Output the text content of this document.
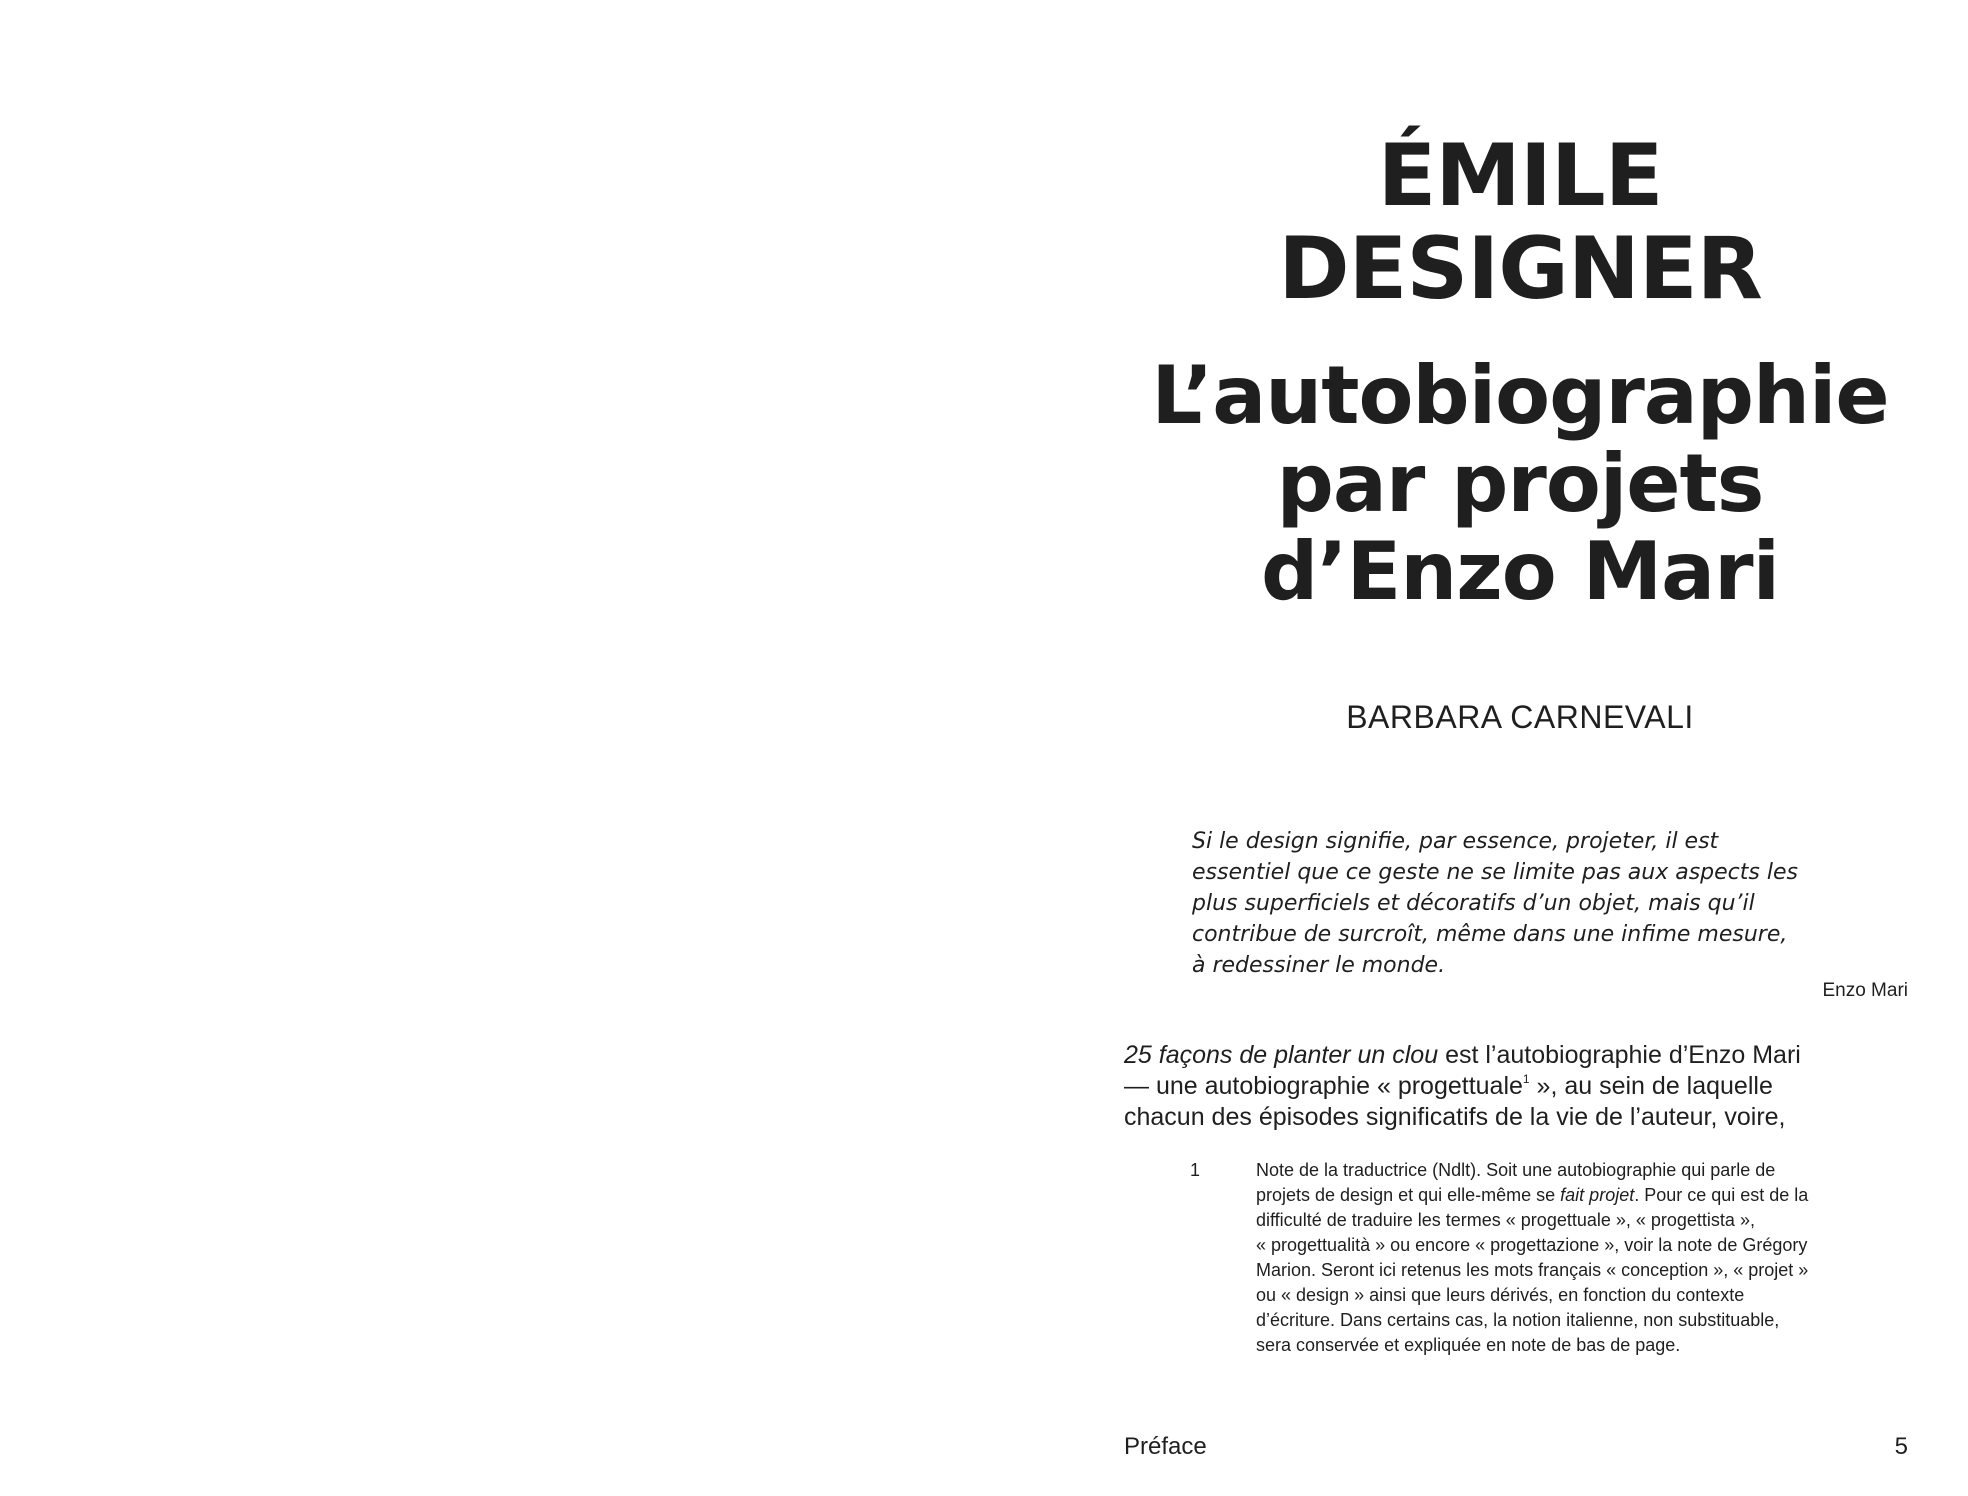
ÉMILE
DESIGNER
L’autobiographie
par projets
d’Enzo Mari
BARBARA CARNEVALI
Si le design signifie, par essence, projeter, il est
essentiel que ce geste ne se limite pas aux aspects les
plus superficiels et décoratifs d’un objet, mais qu’il
contribue de surcroît, même dans une infime mesure,
à redessiner le monde.
Enzo Mari
25 façons de planter un clou est l’autobiographie d’Enzo Mari
— une autobiographie « progettuale$^1$ », au sein de laquelle
chacun des épisodes significatifs de la vie de l’auteur, voire,
1	Note de la traductrice (Ndlt). Soit une autobiographie qui parle de
projets de design et qui elle-même se fait projet. Pour ce qui est de la
difficulté de traduire les termes « progettuale », « progettista »,
« progettualità » ou encore « progettazione », voir la note de Grégory
Marion. Seront ici retenus les mots français « conception », « projet »
ou « design » ainsi que leurs dérivés, en fonction du contexte
d’écriture. Dans certains cas, la notion italienne, non substituable,
sera conservée et expliquée en note de bas de page.
Préface	5
